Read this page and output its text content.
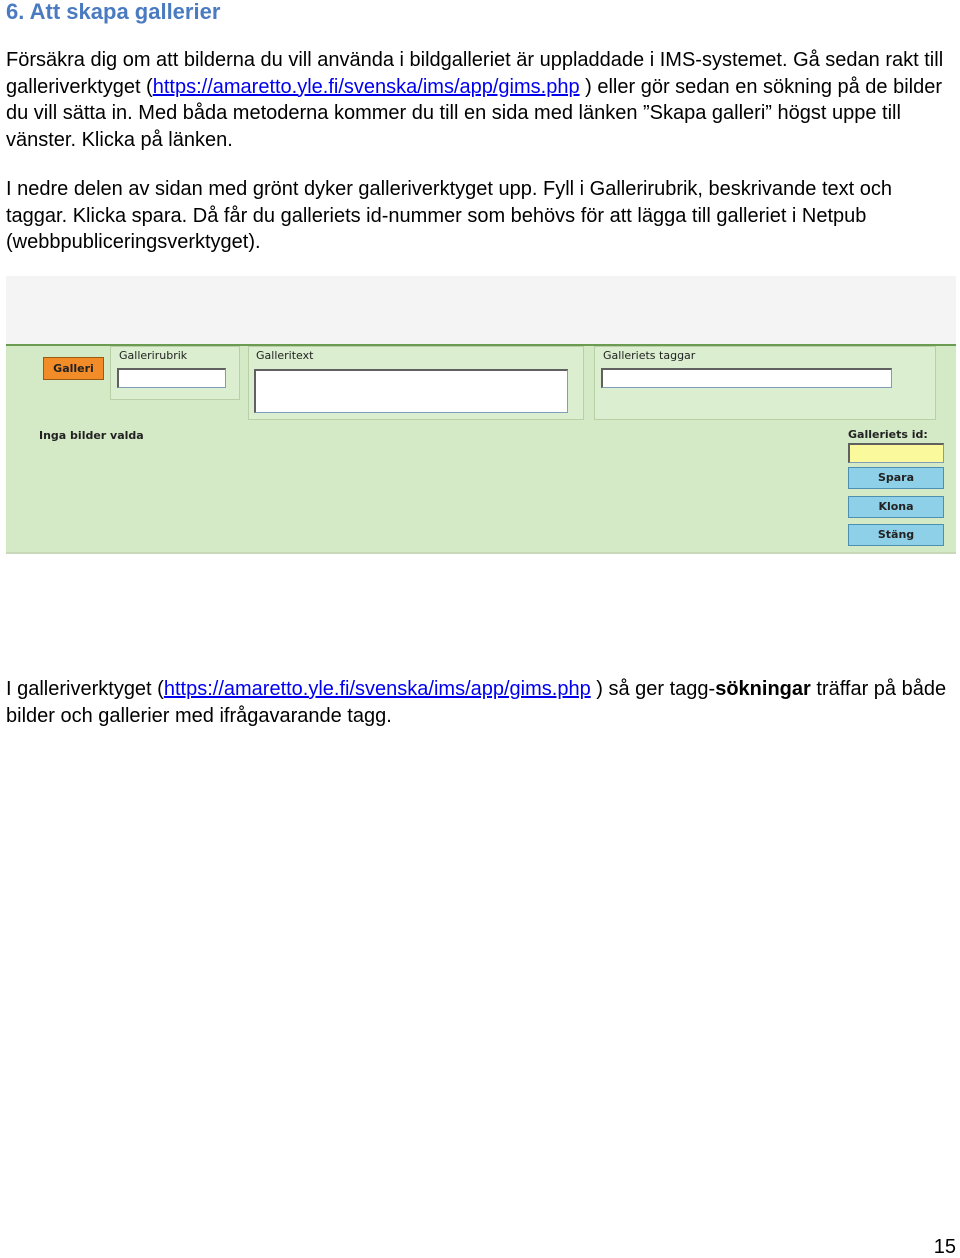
6. Att skapa gallerier
Försäkra dig om att bilderna du vill använda i bildgalleriet är uppladdade i IMS-systemet. Gå sedan rakt till galleriverktyget (https://amaretto.yle.fi/svenska/ims/app/gims.php ) eller gör sedan en sökning på de bilder du vill sätta in. Med båda metoderna kommer du till en sida med länken ”Skapa galleri” högst uppe till vänster. Klicka på länken.
I nedre delen av sidan med grönt dyker galleriverktyget upp. Fyll i Gallerirubrik, beskrivande text och taggar. Klicka spara. Då får du galleriets id-nummer som behövs för att lägga till galleriet i Netpub (webbpubliceringsverktyget).
Galleri
Gallerirubrik	Galleritext	Galleriets taggar
Inga bilder valda	Galleriets id:
Spara
Klona
Stäng
I galleriverktyget (https://amaretto.yle.fi/svenska/ims/app/gims.php ) så ger tagg-sökningar träffar på både bilder och gallerier med ifrågavarande tagg.
15
